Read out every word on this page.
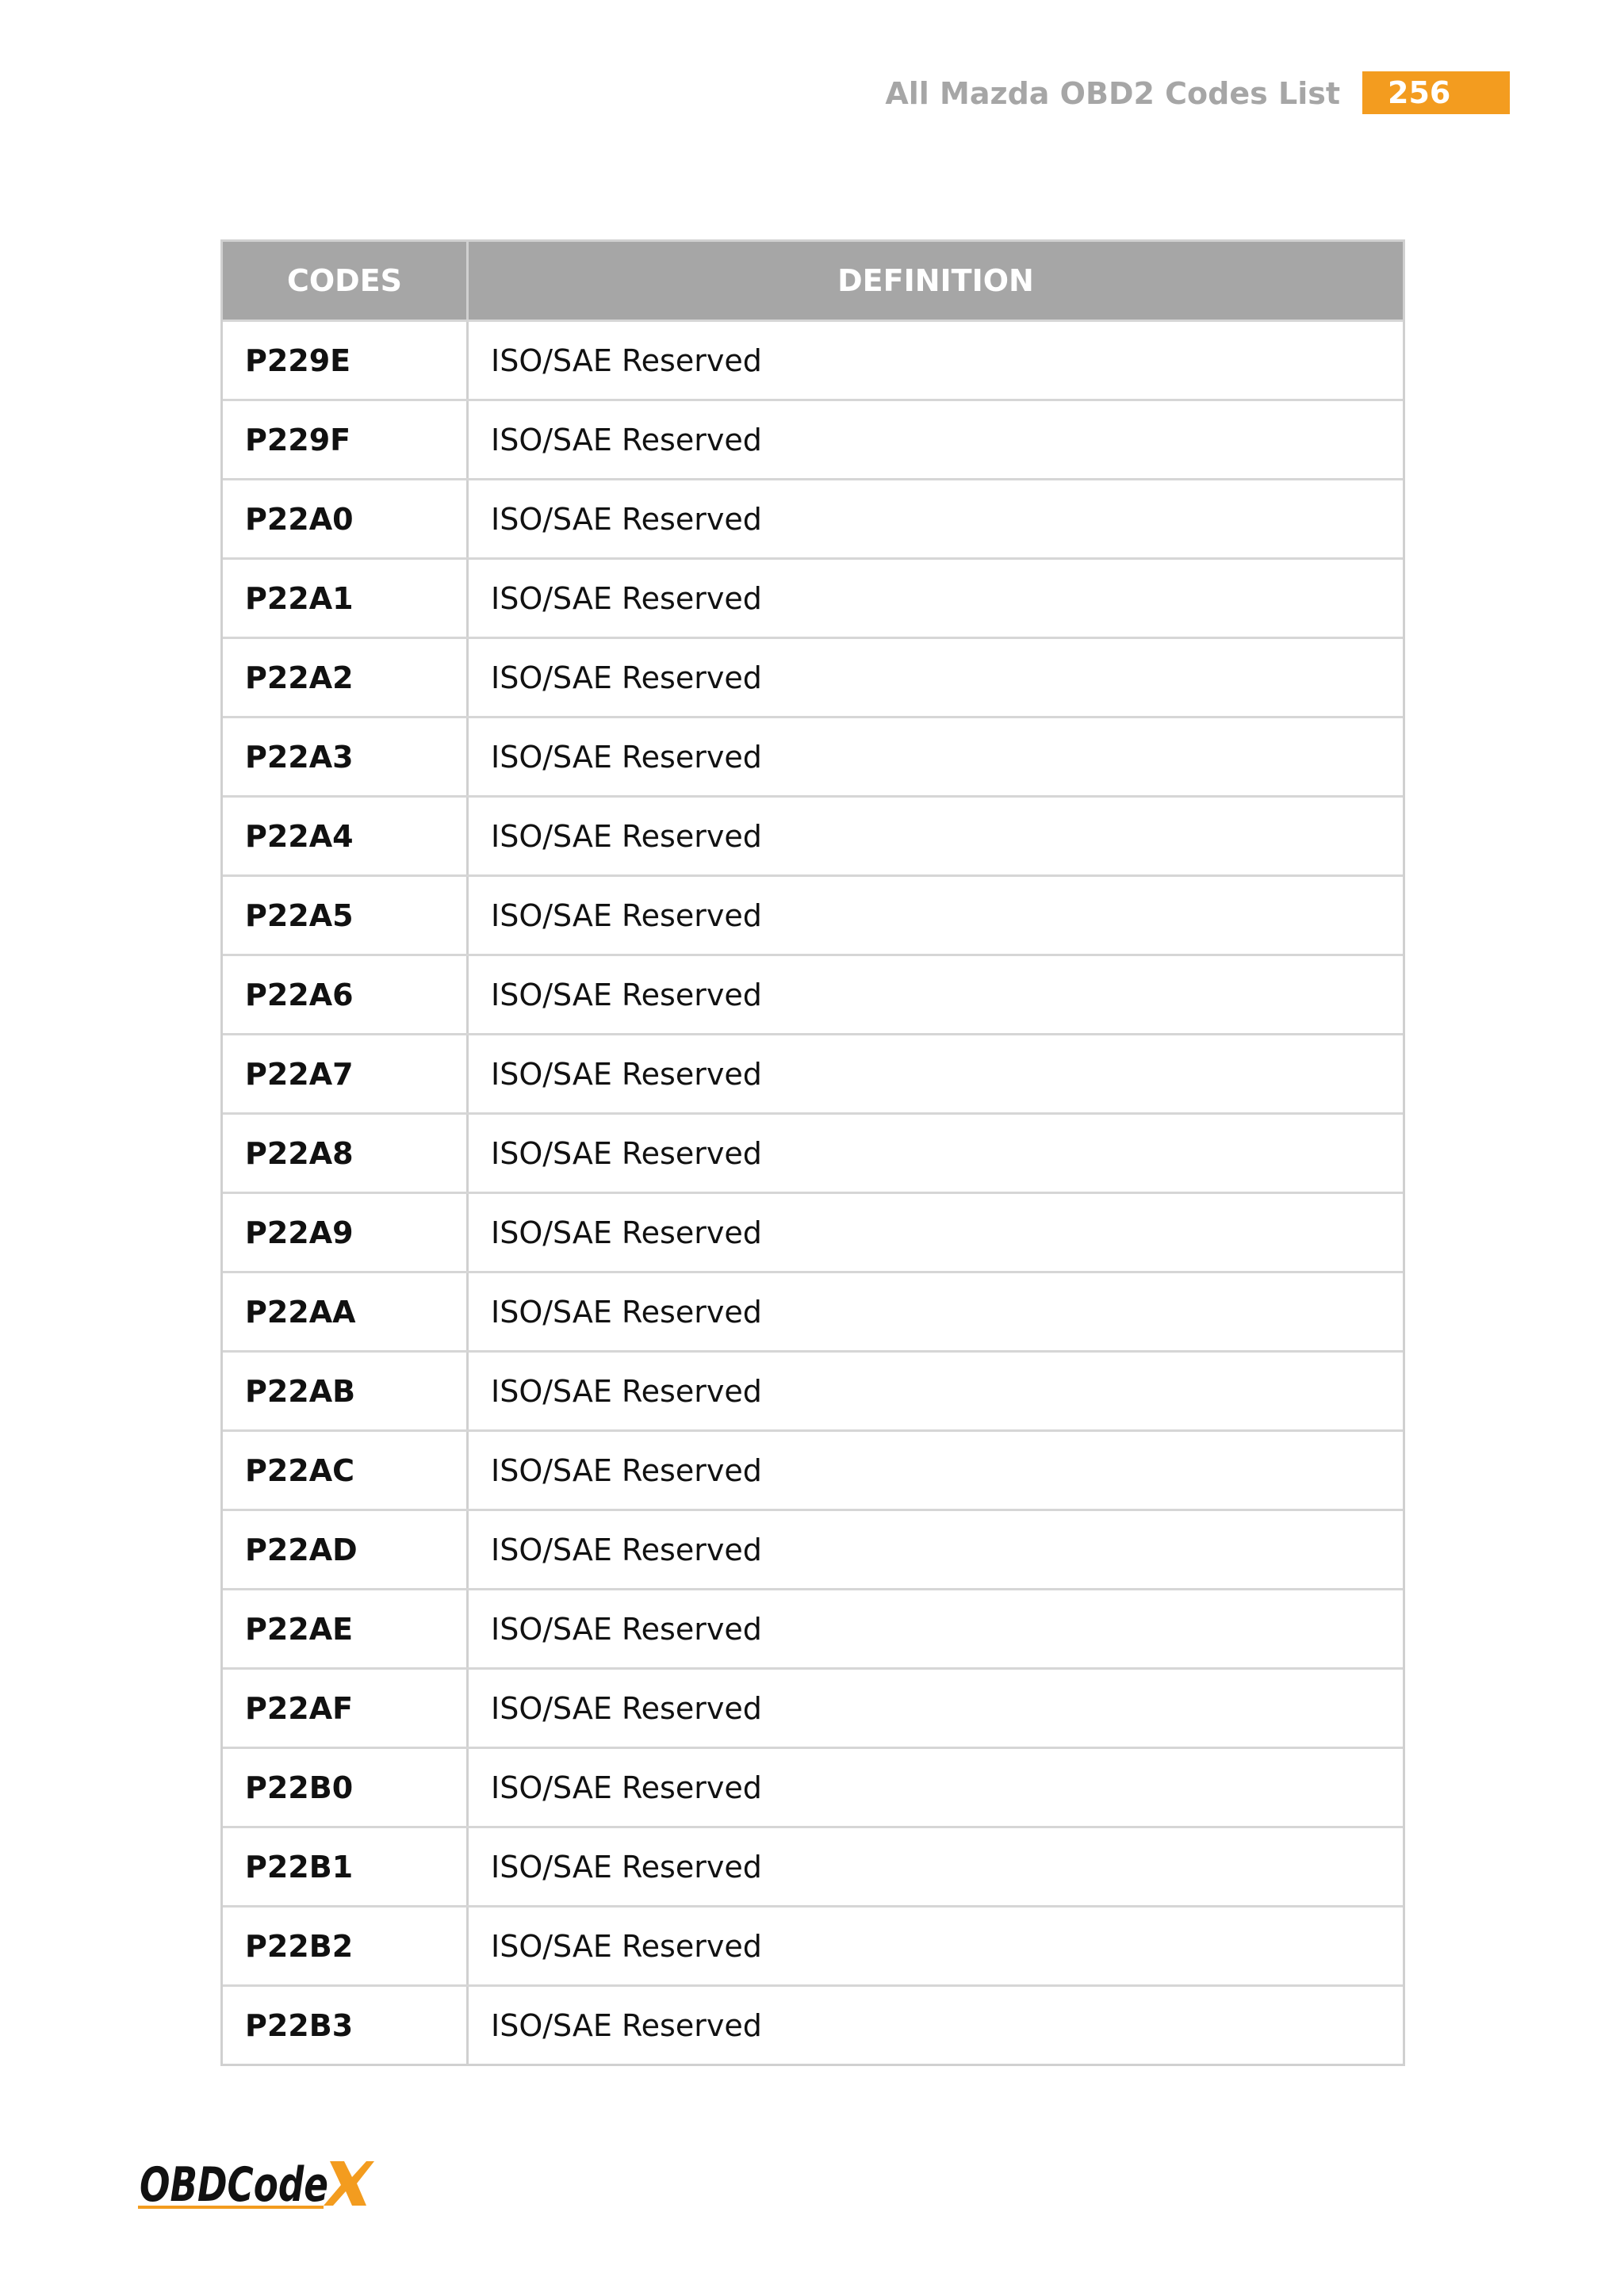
All Mazda OBD2 Codes List	256
CODES	DEFINITION
P229E	ISO/SAE Reserved
P229F	ISO/SAE Reserved
P22A0	ISO/SAE Reserved
P22A1	ISO/SAE Reserved
P22A2	ISO/SAE Reserved
P22A3	ISO/SAE Reserved
P22A4	ISO/SAE Reserved
P22A5	ISO/SAE Reserved
P22A6	ISO/SAE Reserved
P22A7	ISO/SAE Reserved
P22A8	ISO/SAE Reserved
P22A9	ISO/SAE Reserved
P22AA	ISO/SAE Reserved
P22AB	ISO/SAE Reserved
P22AC	ISO/SAE Reserved
P22AD	ISO/SAE Reserved
P22AE	ISO/SAE Reserved
P22AF	ISO/SAE Reserved
P22B0	ISO/SAE Reserved
P22B1	ISO/SAE Reserved
P22B2	ISO/SAE Reserved
P22B3	ISO/SAE Reserved
OBDCode
